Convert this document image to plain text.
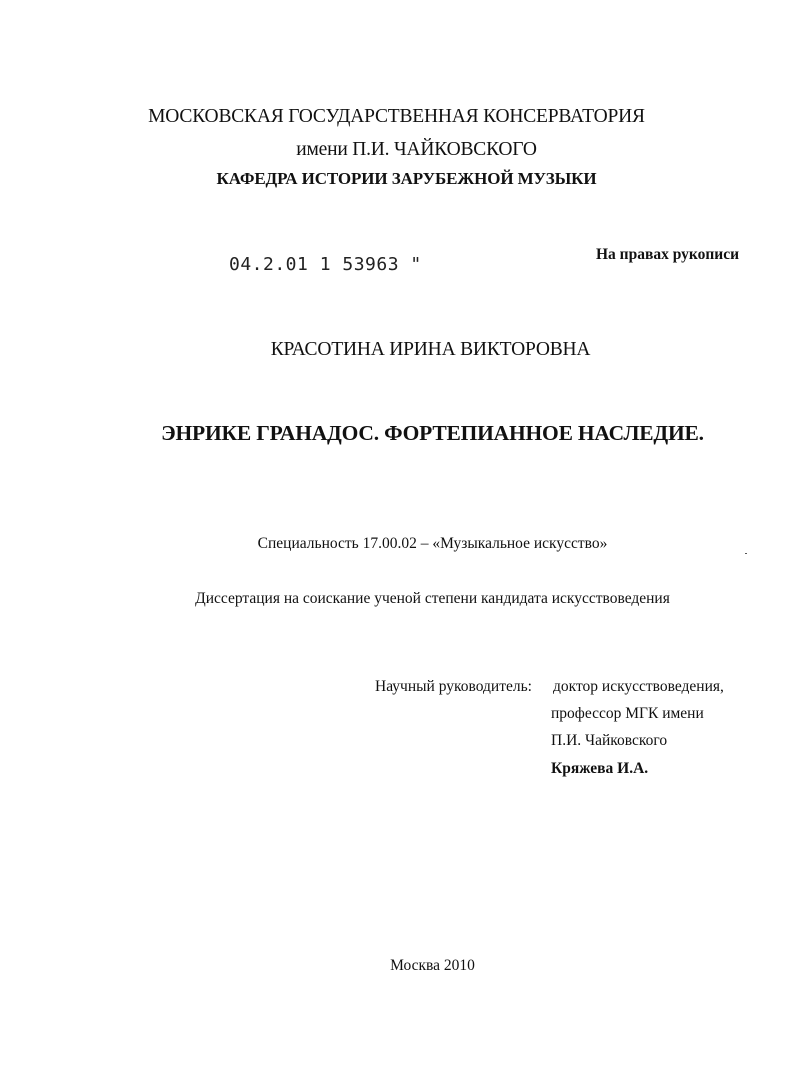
МОСКОВСКАЯ ГОСУДАРСТВЕННАЯ КОНСЕРВАТОРИЯ
имени П.И. ЧАЙКОВСКОГО
КАФЕДРА ИСТОРИИ ЗАРУБЕЖНОЙ МУЗЫКИ
04.2.01 1 53963 "	На правах рукописи
КРАСОТИНА ИРИНА ВИКТОРОВНА
ЭНРИКЕ ГРАНАДОС. ФОРТЕПИАННОЕ НАСЛЕДИЕ.
Специальность 17.00.02 – «Музыкальное искусство»
Диссертация на соискание ученой степени кандидата искусствоведения
Научный руководитель: доктор искусствоведения,
профессор МГК имени
П.И. Чайковского
Кряжева И.А.
Москва 2010
